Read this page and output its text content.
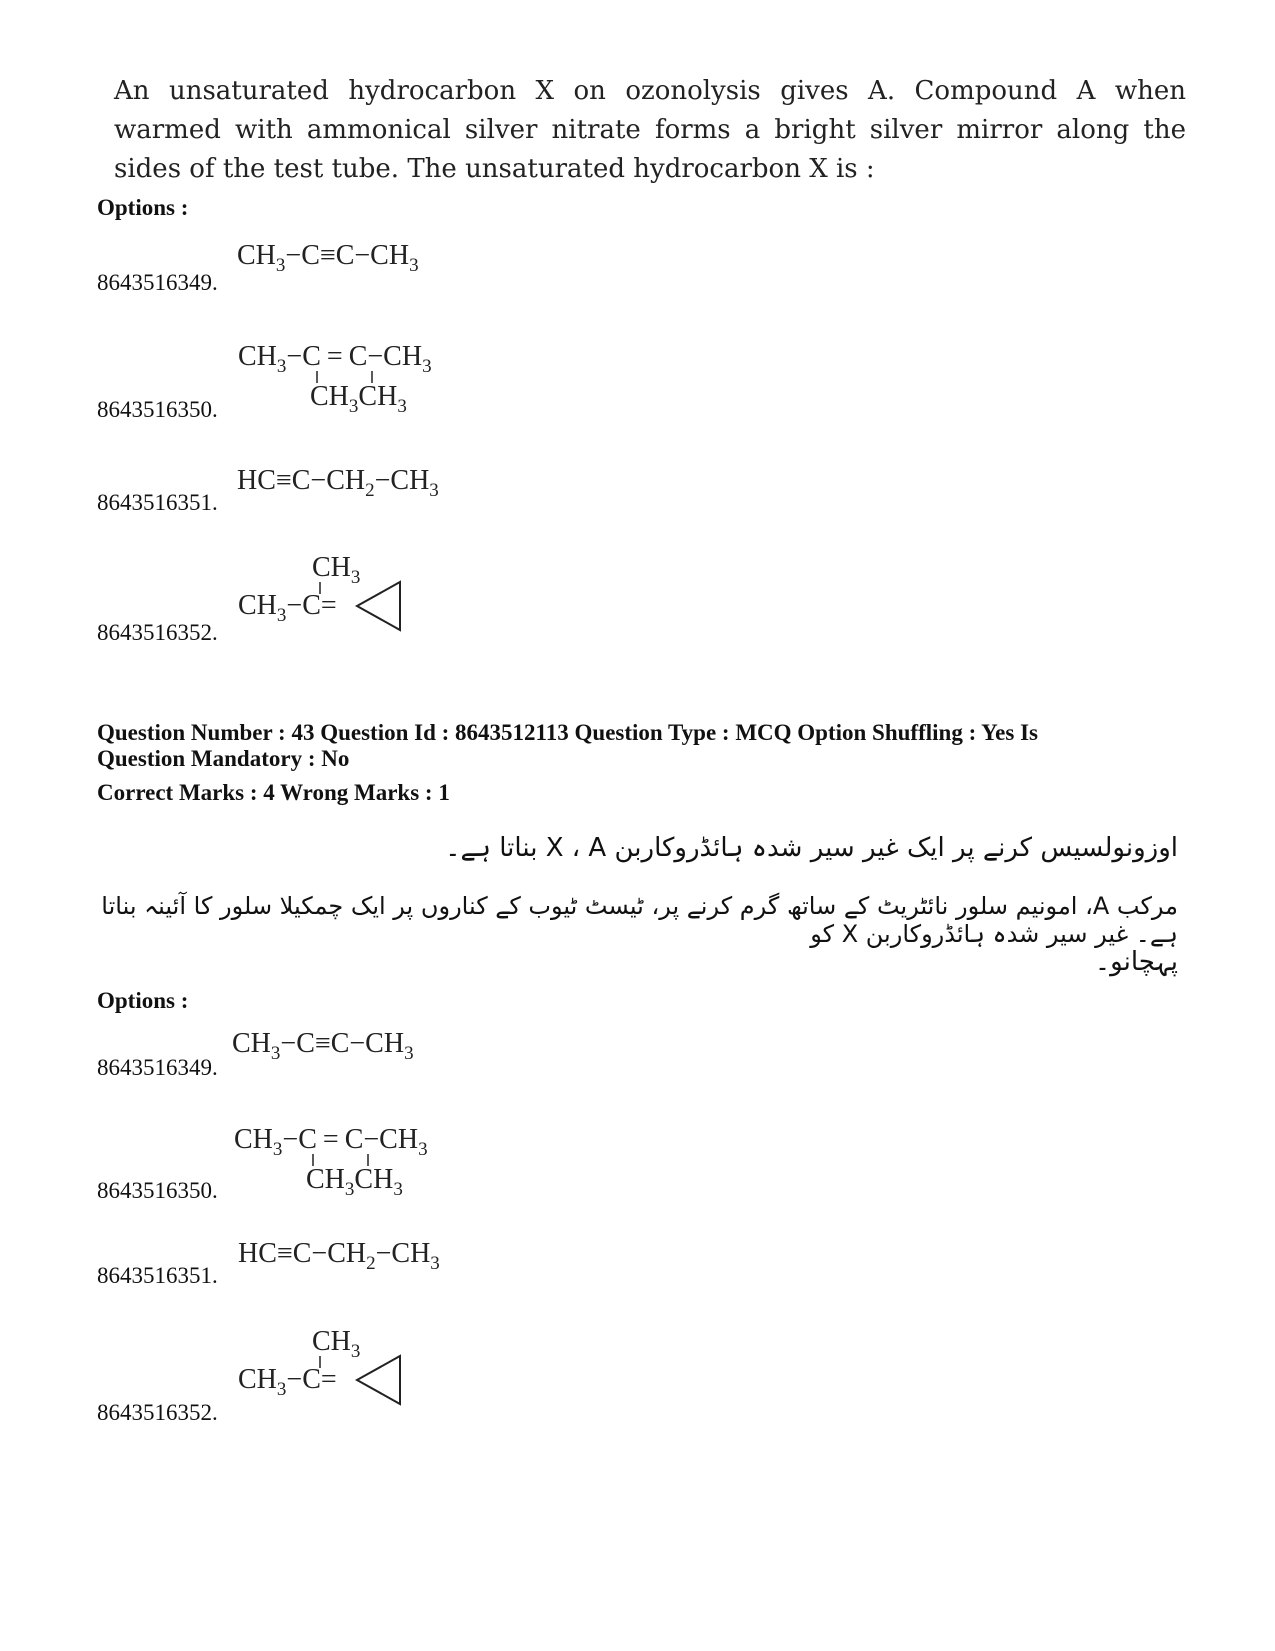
An unsaturated hydrocarbon X on ozonolysis gives A. Compound A when warmed with ammonical silver nitrate forms a bright silver mirror along the sides of the test tube. The unsaturated hydrocarbon X is :
Options :
$CH_3-C\equiv C-CH_3$
8643516349.
$CH_3-C = C-CH_3$
$CH_3CH_3$
8643516350.
$HC\equiv C-CH_2-CH_3$
8643516351.
$CH_3$
$CH_3-C=$
8643516352.
Question Number : 43 Question Id : 8643512113 Question Type : MCQ Option Shuffling : Yes Is
Question Mandatory : No
Correct Marks : 4 Wrong Marks : 1
اوزونولسیس کرنے پر ایک غیر سیر شدہ ہائڈروکاربن X ، A بناتا ہے۔
مرکب A، امونیم سلور نائٹریٹ کے ساتھ گرم کرنے پر، ٹیسٹ ٹیوب کے کناروں پر ایک چمکیلا سلور کا آئینہ بناتا ہے۔ غیر سیر شدہ ہائڈروکاربن X کو
پہچانو۔
Options :
$CH_3-C\equiv C-CH_3$
8643516349.
$CH_3-C = C-CH_3$
$CH_3CH_3$
8643516350.
$HC\equiv C-CH_2-CH_3$
8643516351.
$CH_3$
$CH_3-C=$
8643516352.
